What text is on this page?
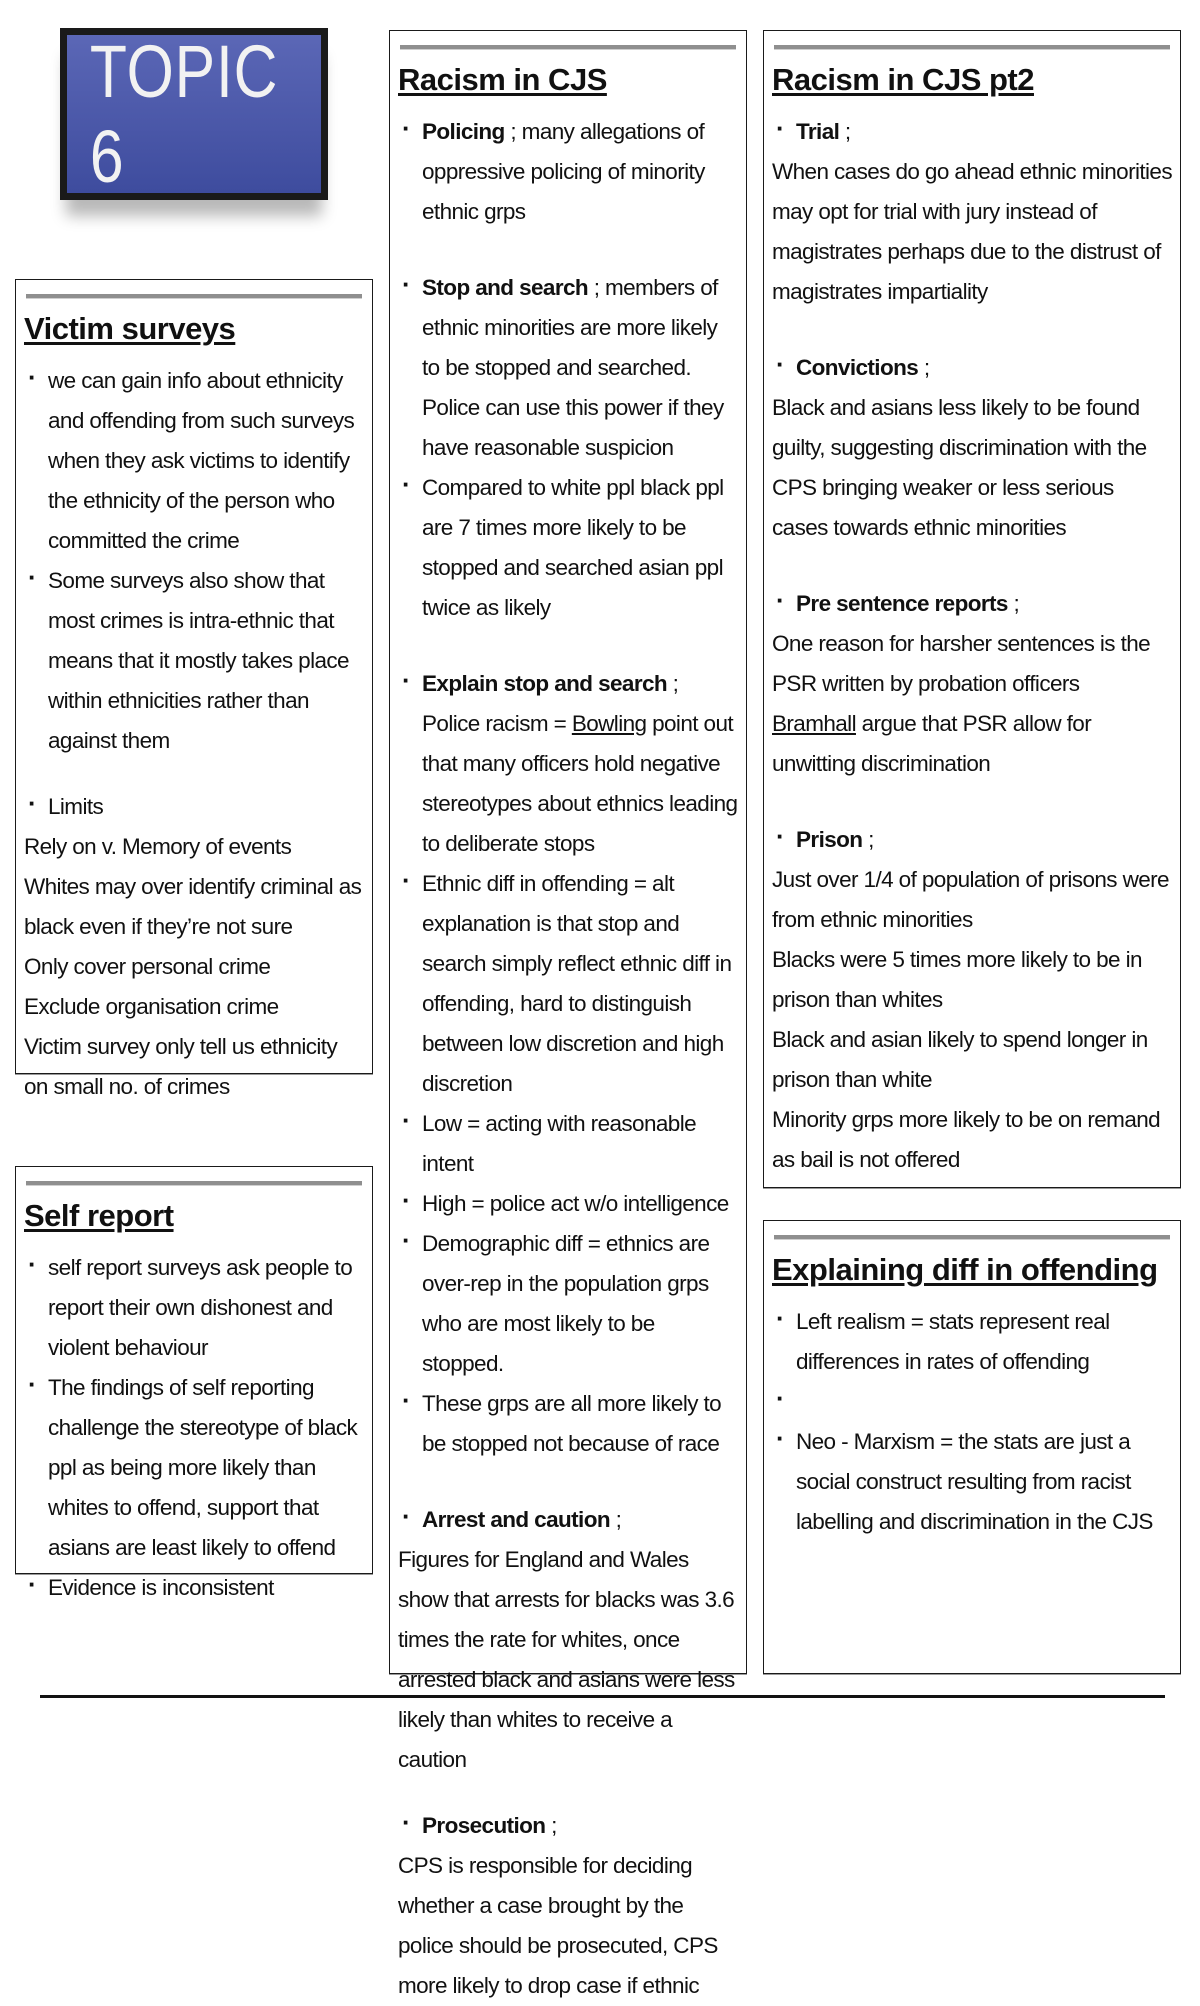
TOPIC 6
Victim surveys
· we can gain info about ethnicity and offending from such surveys when they ask victims to identify the ethnicity of the person who committed the crime
· Some surveys also show that most crimes is intra-ethnic that means that it mostly takes place within ethnicities rather than against them
· Limits
Rely on v. Memory of events
Whites may over identify criminal as black even if they’re not sure
Only cover personal crime
Exclude organisation crime
Victim survey only tell us ethnicity on small no. of crimes
Self report
· self report surveys ask people to report their own dishonest and violent behaviour
· The findings of self reporting challenge the stereotype of black ppl as being more likely than whites to offend, support that asians are least likely to offend
· Evidence is inconsistent
Racism in CJS
· Policing ; many allegations of oppressive policing of minority ethnic grps
· Stop and search ; members of ethnic minorities are more likely to be stopped and searched. Police can use this power if they have reasonable suspicion
· Compared to white ppl black ppl are 7 times more likely to be stopped and searched asian ppl twice as likely
· Explain stop and search ; Police racism = Bowling point out that many officers hold negative stereotypes about ethnics leading to deliberate stops
· Ethnic diff in offending = alt explanation is that stop and search simply reflect ethnic diff in offending, hard to distinguish between low discretion and high discretion
· Low = acting with reasonable intent
· High = police act w/o intelligence
· Demographic diff = ethnics are over-rep in the population grps who are most likely to be stopped.
· These grps are all more likely to be stopped not because of race
· Arrest and caution ;
Figures for England and Wales show that arrests for blacks was 3.6 times the rate for whites, once arrested black and asians were less likely than whites to receive a caution
· Prosecution ;
CPS is responsible for deciding whether a case brought by the police should be prosecuted, CPS more likely to drop case if ethnic
Racism in CJS pt2
· Trial ;
When cases do go ahead ethnic minorities may opt for trial with jury instead of magistrates perhaps due to the distrust of magistrates impartiality
· Convictions ;
Black and asians less likely to be found guilty, suggesting discrimination with the CPS bringing weaker or less serious cases towards ethnic minorities
· Pre sentence reports ;
One reason for harsher sentences is the PSR written by probation officers
Bramhall argue that PSR allow for unwitting discrimination
· Prison ;
Just over 1/4 of population of prisons were from ethnic minorities
Blacks were 5 times more likely to be in prison than whites
Black and asian likely to spend longer in prison than white
Minority grps more likely to be on remand as bail is not offered
Explaining diff in offending
· Left realism = stats represent real differences in rates of offending
·
· Neo - Marxism = the stats are just a social construct resulting from racist labelling and discrimination in the CJS
